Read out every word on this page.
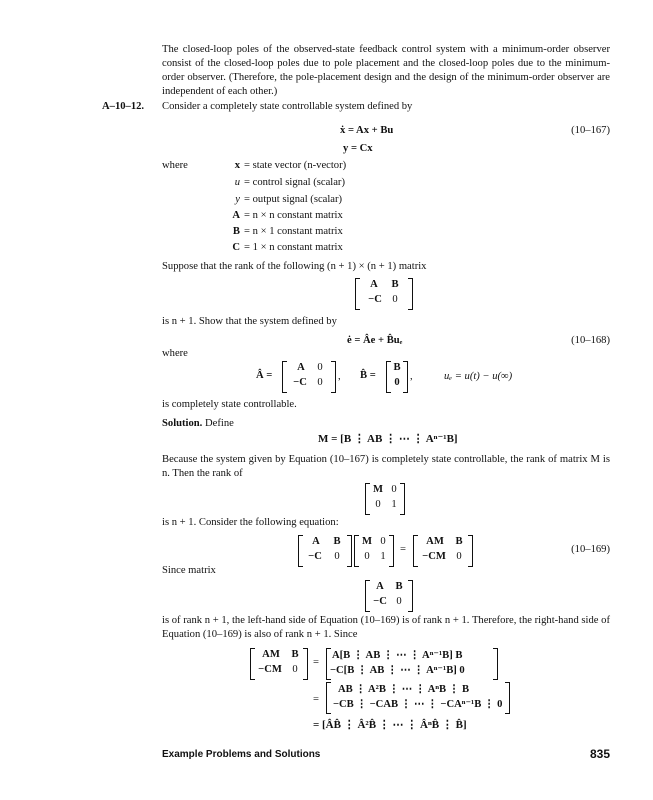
The closed-loop poles of the observed-state feedback control system with a minimum-order observer consist of the closed-loop poles due to pole placement and the closed-loop poles due to the minimum-order observer. (Therefore, the pole-placement design and the design of the minimum-order observer are independent of each other.)
A–10–12. Consider a completely state controllable system defined by
ẋ = Ax + Bu	(10–167)
y = Cx
where	x = state vector (n-vector)
u = control signal (scalar)
y = output signal (scalar)
A = n × n constant matrix
B = n × 1 constant matrix
C = 1 × n constant matrix
Suppose that the rank of the following (n + 1) × (n + 1) matrix
A	B
−C 0
is n + 1. Show that the system defined by
ė = Âe + B̂uₑ	(10–168)
where
Â =
A	0
−C 0
, B̂ =
B
0
,	uₑ = u(t) − u(∞)
is completely state controllable.
Solution. Define
M = [B ⋮ AB ⋮ ⋯ ⋮ Aⁿ⁻¹B]
Because the system given by Equation (10–167) is completely state controllable, the rank of matrix M is n. Then the rank of
M 0
0	1
is n + 1. Consider the following equation:
A	B
−C	0
M 0
0	1
=
AM	B
−CM 0
(10–169)
Since matrix
A	B
−C 0
is of rank n + 1, the left-hand side of Equation (10–169) is of rank n + 1. Therefore, the right-hand side of Equation (10–169) is also of rank n + 1. Since
AM	B
−CM 0
=
A[B ⋮ AB ⋮ ⋯ ⋮ Aⁿ⁻¹B] B
−C[B ⋮ AB ⋮ ⋯ ⋮ Aⁿ⁻¹B] 0
=
AB ⋮ A²B ⋮ ⋯ ⋮ AⁿB ⋮ B
−CB ⋮ −CAB ⋮ ⋯ ⋮ −CAⁿ⁻¹B ⋮ 0
= [ÂB̂ ⋮ Â²B̂ ⋮ ⋯ ⋮ ÂⁿB̂ ⋮ B̂]
Example Problems and Solutions	835
